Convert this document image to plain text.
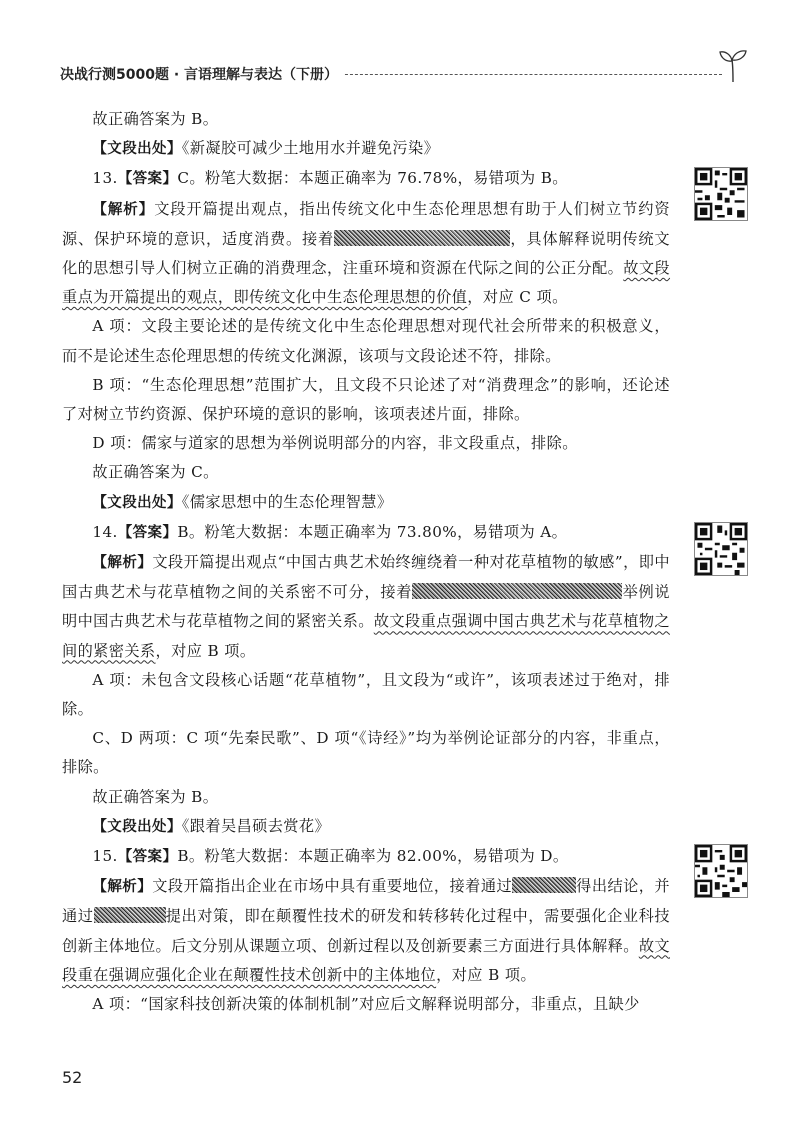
决战行测5000题 · 言语理解与表达（下册）

故正确答案为 B。

【文段出处】《新凝胶可减少土地用水并避免污染》

13.【答案】C。粉笔大数据：本题正确率为 76.78%，易错项为 B。

【解析】文段开篇提出观点，指出传统文化中生态伦理思想有助于人们树立节约资源、保护环境的意识，适度消费。接着	，具体解释说明传统文化的思想引导人们树立正确的消费理念，注重环境和资源在代际之间的公正分配。故文段重点为开篇提出的观点，即传统文化中生态伦理思想的价值，对应 C 项。

A 项：文段主要论述的是传统文化中生态伦理思想对现代社会所带来的积极意义，而不是论述生态伦理思想的传统文化渊源，该项与文段论述不符，排除。

B 项：“生态伦理思想”范围扩大，且文段不只论述了对“消费理念”的影响，还论述了对树立节约资源、保护环境的意识的影响，该项表述片面，排除。

D 项：儒家与道家的思想为举例说明部分的内容，非文段重点，排除。

故正确答案为 C。

【文段出处】《儒家思想中的生态伦理智慧》

14.【答案】B。粉笔大数据：本题正确率为 73.80%，易错项为 A。

【解析】文段开篇提出观点“中国古典艺术始终缠绕着一种对花草植物的敏感”，即中国古典艺术与花草植物之间的关系密不可分，接着	举例说明中国古典艺术与花草植物之间的紧密关系。故文段重点强调中国古典艺术与花草植物之间的紧密关系，对应 B 项。

A 项：未包含文段核心话题“花草植物”，且文段为“或许”，该项表述过于绝对，排除。

C、D 两项：C 项“先秦民歌”、D 项“《诗经》”均为举例论证部分的内容，非重点，排除。

故正确答案为 B。

【文段出处】《跟着吴昌硕去赏花》

15.【答案】B。粉笔大数据：本题正确率为 82.00%，易错项为 D。

【解析】文段开篇指出企业在市场中具有重要地位，接着通过	得出结论，并通过	提出对策，即在颠覆性技术的研发和转移转化过程中，需要强化企业科技创新主体地位。后文分别从课题立项、创新过程以及创新要素三方面进行具体解释。故文段重在强调应强化企业在颠覆性技术创新中的主体地位，对应 B 项。

A 项：“国家科技创新决策的体制机制”对应后文解释说明部分，非重点，且缺少

52
